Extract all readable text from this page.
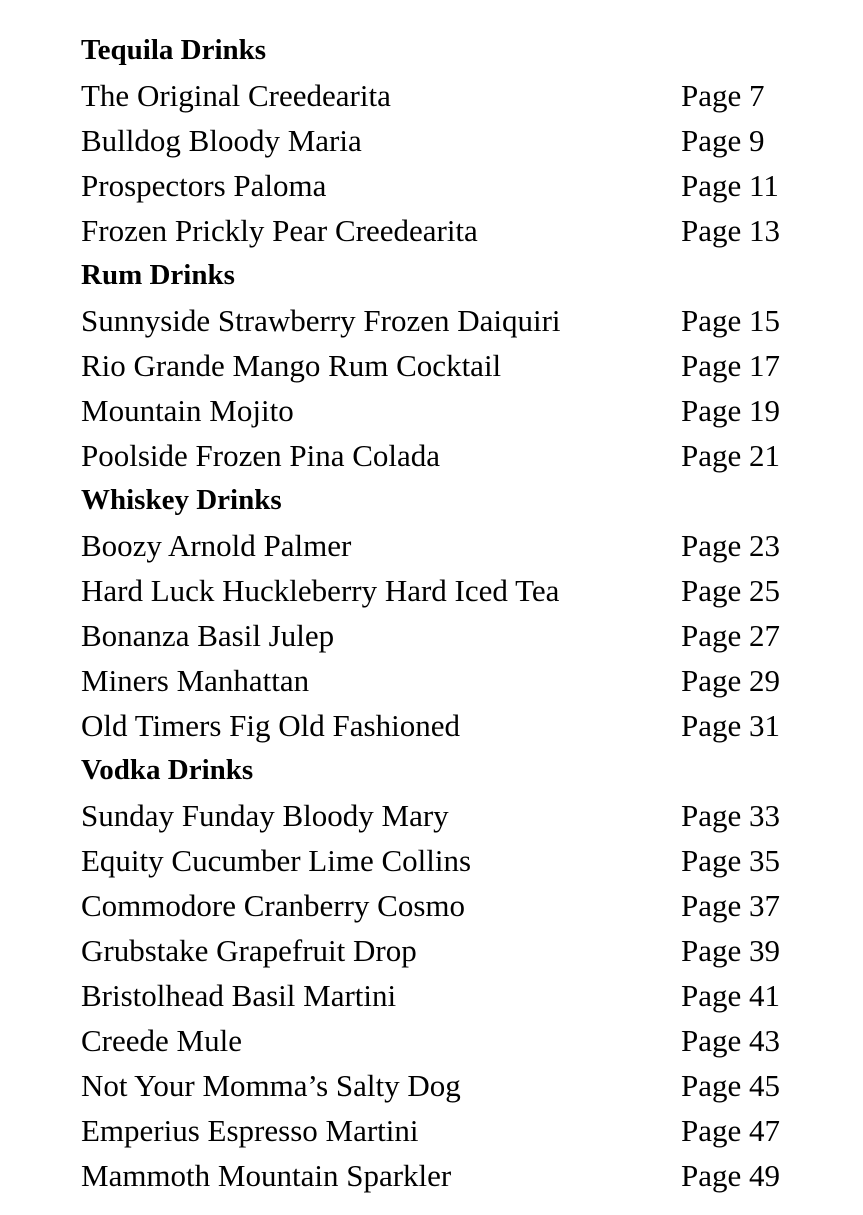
Tequila Drinks
The Original Creedearita	Page 7
Bulldog Bloody Maria	Page 9
Prospectors Paloma	Page 11
Frozen Prickly Pear Creedearita	Page 13
Rum Drinks
Sunnyside Strawberry Frozen Daiquiri	Page 15
Rio Grande Mango Rum Cocktail	Page 17
Mountain Mojito	Page 19
Poolside Frozen Pina Colada	Page 21
Whiskey Drinks
Boozy Arnold Palmer	Page 23
Hard Luck Huckleberry Hard Iced Tea	Page 25
Bonanza Basil Julep	Page 27
Miners Manhattan	Page 29
Old Timers Fig Old Fashioned	Page 31
Vodka Drinks
Sunday Funday Bloody Mary	Page 33
Equity Cucumber Lime Collins	Page 35
Commodore Cranberry Cosmo	Page 37
Grubstake Grapefruit Drop	Page 39
Bristolhead Basil Martini	Page 41
Creede Mule	Page 43
Not Your Momma’s Salty Dog	Page 45
Emperius Espresso Martini	Page 47
Mammoth Mountain Sparkler	Page 49
